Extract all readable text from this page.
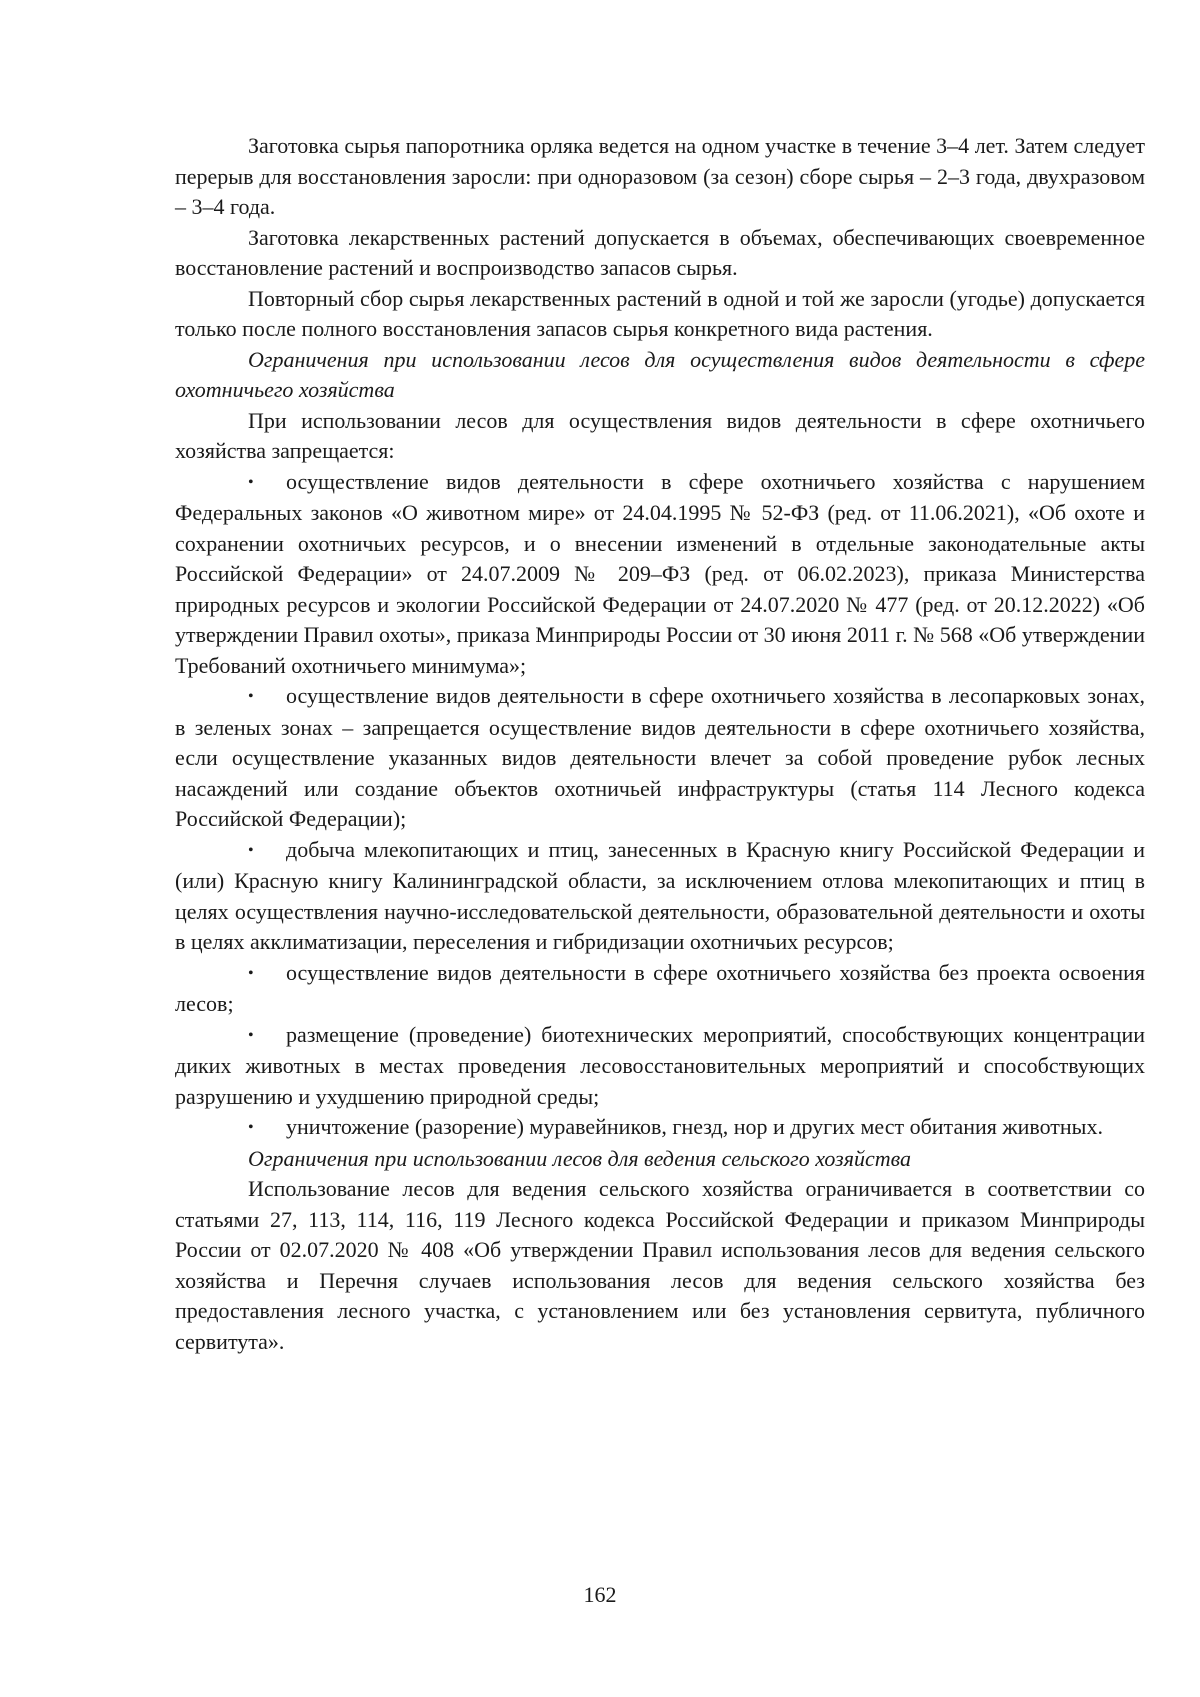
Заготовка сырья папоротника орляка ведется на одном участке в течение 3–4 лет. Затем следует перерыв для восстановления заросли: при одноразовом (за сезон) сборе сырья – 2–3 года, двухразовом – 3–4 года.

Заготовка лекарственных растений допускается в объемах, обеспечивающих своевременное восстановление растений и воспроизводство запасов сырья.

Повторный сбор сырья лекарственных растений в одной и той же заросли (угодье) допускается только после полного восстановления запасов сырья конкретного вида растения.

Ограничения при использовании лесов для осуществления видов деятельности в сфере охотничьего хозяйства

При использовании лесов для осуществления видов деятельности в сфере охотничьего хозяйства запрещается:

• осуществление видов деятельности в сфере охотничьего хозяйства с нарушением Федеральных законов «О животном мире» от 24.04.1995 № 52-ФЗ (ред. от 11.06.2021), «Об охоте и сохранении охотничьих ресурсов, и о внесении изменений в отдельные законодательные акты Российской Федерации» от 24.07.2009 № 209–ФЗ (ред. от 06.02.2023), приказа Министерства природных ресурсов и экологии Российской Федерации от 24.07.2020 № 477 (ред. от 20.12.2022) «Об утверждении Правил охоты», приказа Минприроды России от 30 июня 2011 г. № 568 «Об утверждении Требований охотничьего минимума»;

• осуществление видов деятельности в сфере охотничьего хозяйства в лесопарковых зонах, в зеленых зонах – запрещается осуществление видов деятельности в сфере охотничьего хозяйства, если осуществление указанных видов деятельности влечет за собой проведение рубок лесных насаждений или создание объектов охотничьей инфраструктуры (статья 114 Лесного кодекса Российской Федерации);

• добыча млекопитающих и птиц, занесенных в Красную книгу Российской Федерации и (или) Красную книгу Калининградской области, за исключением отлова млекопитающих и птиц в целях осуществления научно-исследовательской деятельности, образовательной деятельности и охоты в целях акклиматизации, переселения и гибридизации охотничьих ресурсов;

• осуществление видов деятельности в сфере охотничьего хозяйства без проекта освоения лесов;

• размещение (проведение) биотехнических мероприятий, способствующих концентрации диких животных в местах проведения лесовосстановительных мероприятий и способствующих разрушению и ухудшению природной среды;

• уничтожение (разорение) муравейников, гнезд, нор и других мест обитания животных.

Ограничения при использовании лесов для ведения сельского хозяйства

Использование лесов для ведения сельского хозяйства ограничивается в соответствии со статьями 27, 113, 114, 116, 119 Лесного кодекса Российской Федерации и приказом Минприроды России от 02.07.2020 № 408 «Об утверждении Правил использования лесов для ведения сельского хозяйства и Перечня случаев использования лесов для ведения сельского хозяйства без предоставления лесного участка, с установлением или без установления сервитута, публичного сервитута».

162
